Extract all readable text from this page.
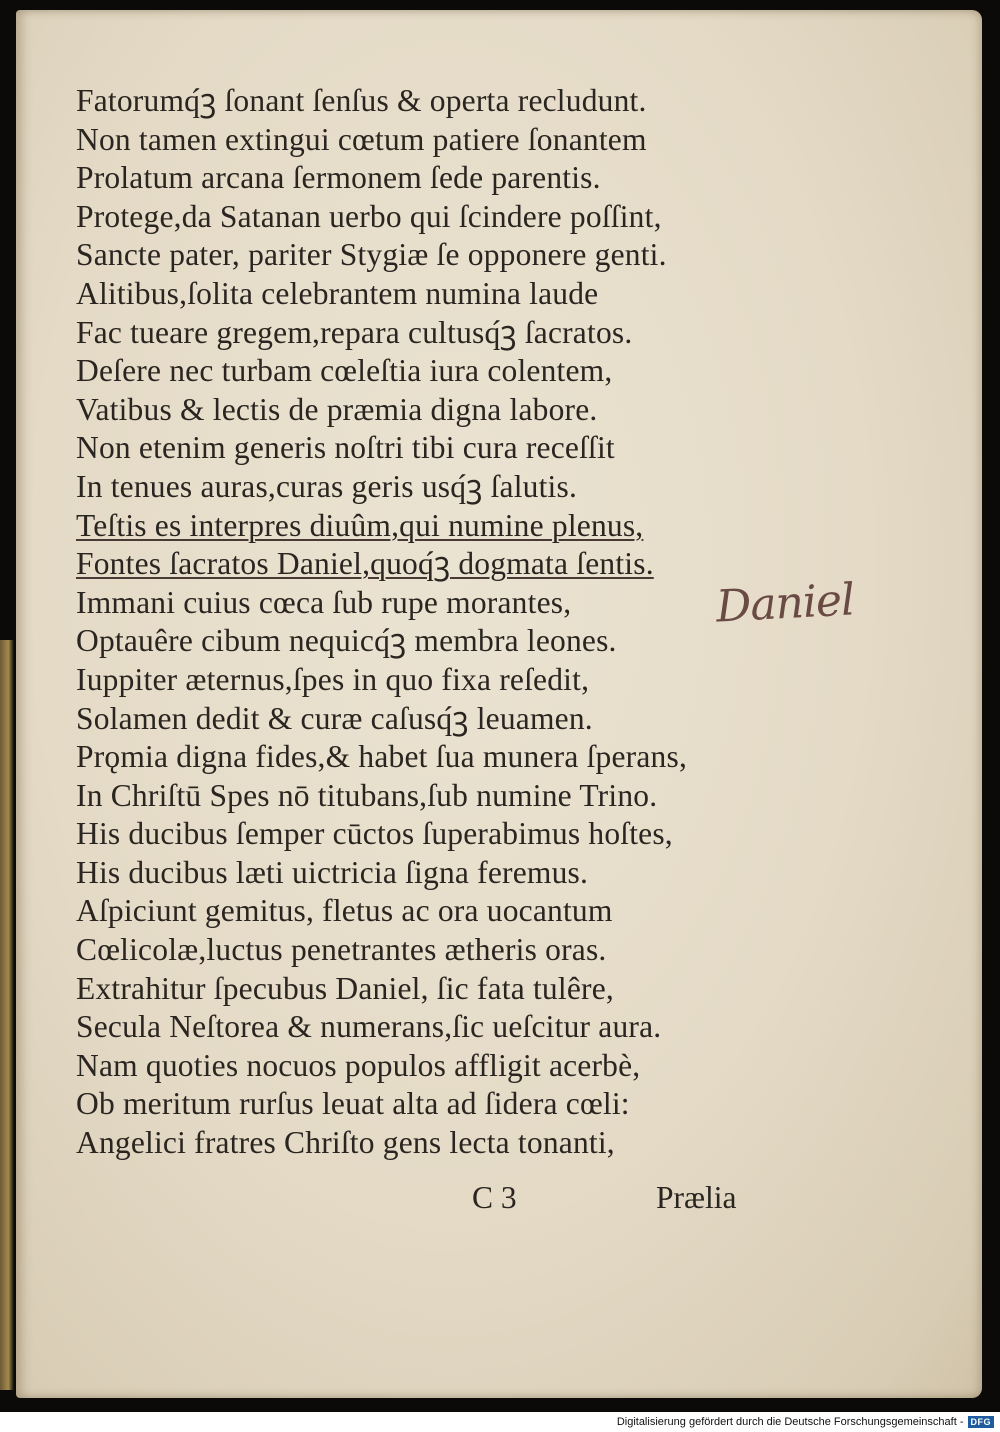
Fatorumq́ꝫ ſonant ſenſus & operta recludunt.
Non tamen extingui cœtum patiere ſonantem
Prolatum arcana ſermonem ſede parentis.
Protege,da Satanan uerbo qui ſcindere poſſint,
Sancte pater, pariter Stygiæ ſe opponere genti.
Alitibus,ſolita celebrantem numina laude
Fac tueare gregem,repara cultusq́ꝫ ſacratos.
Deſere nec turbam cœleſtia iura colentem,
Vatibus & lectis de præmia digna labore.
Non etenim generis noſtri tibi cura receſſit
In tenues auras,curas geris usq́ꝫ ſalutis.
Teſtis es interpres diuûm,qui numine plenus,
Fontes ſacratos Daniel,quoq́ꝫ dogmata ſentis.
Immani cuius cœca ſub rupe morantes,
Optauêre cibum nequicq́ꝫ membra leones.
Iuppiter æternus,ſpes in quo fixa reſedit,
Solamen dedit & curæ caſusq́ꝫ leuamen.
Prǫmia digna fides,& habet ſua munera ſperans,
In Chriſtū Spes nō titubans,ſub numine Trino.
His ducibus ſemper cūctos ſuperabimus hoſtes,
His ducibus læti uictricia ſigna feremus.
Aſpiciunt gemitus, fletus ac ora uocantum
Cœlicolæ,luctus penetrantes ætheris oras.
Extrahitur ſpecubus Daniel, ſic fata tulêre,
Secula Neſtorea & numerans,ſic ueſcitur aura.
Nam quoties nocuos populos affligit acerbè,
Ob meritum rurſus leuat alta ad ſidera cœli:
Angelici fratres Chriſto gens lecta tonanti,
C 3	Prælia
Daniel
Digitalisierung gefördert durch die Deutsche Forschungsgemeinschaft - DFG
